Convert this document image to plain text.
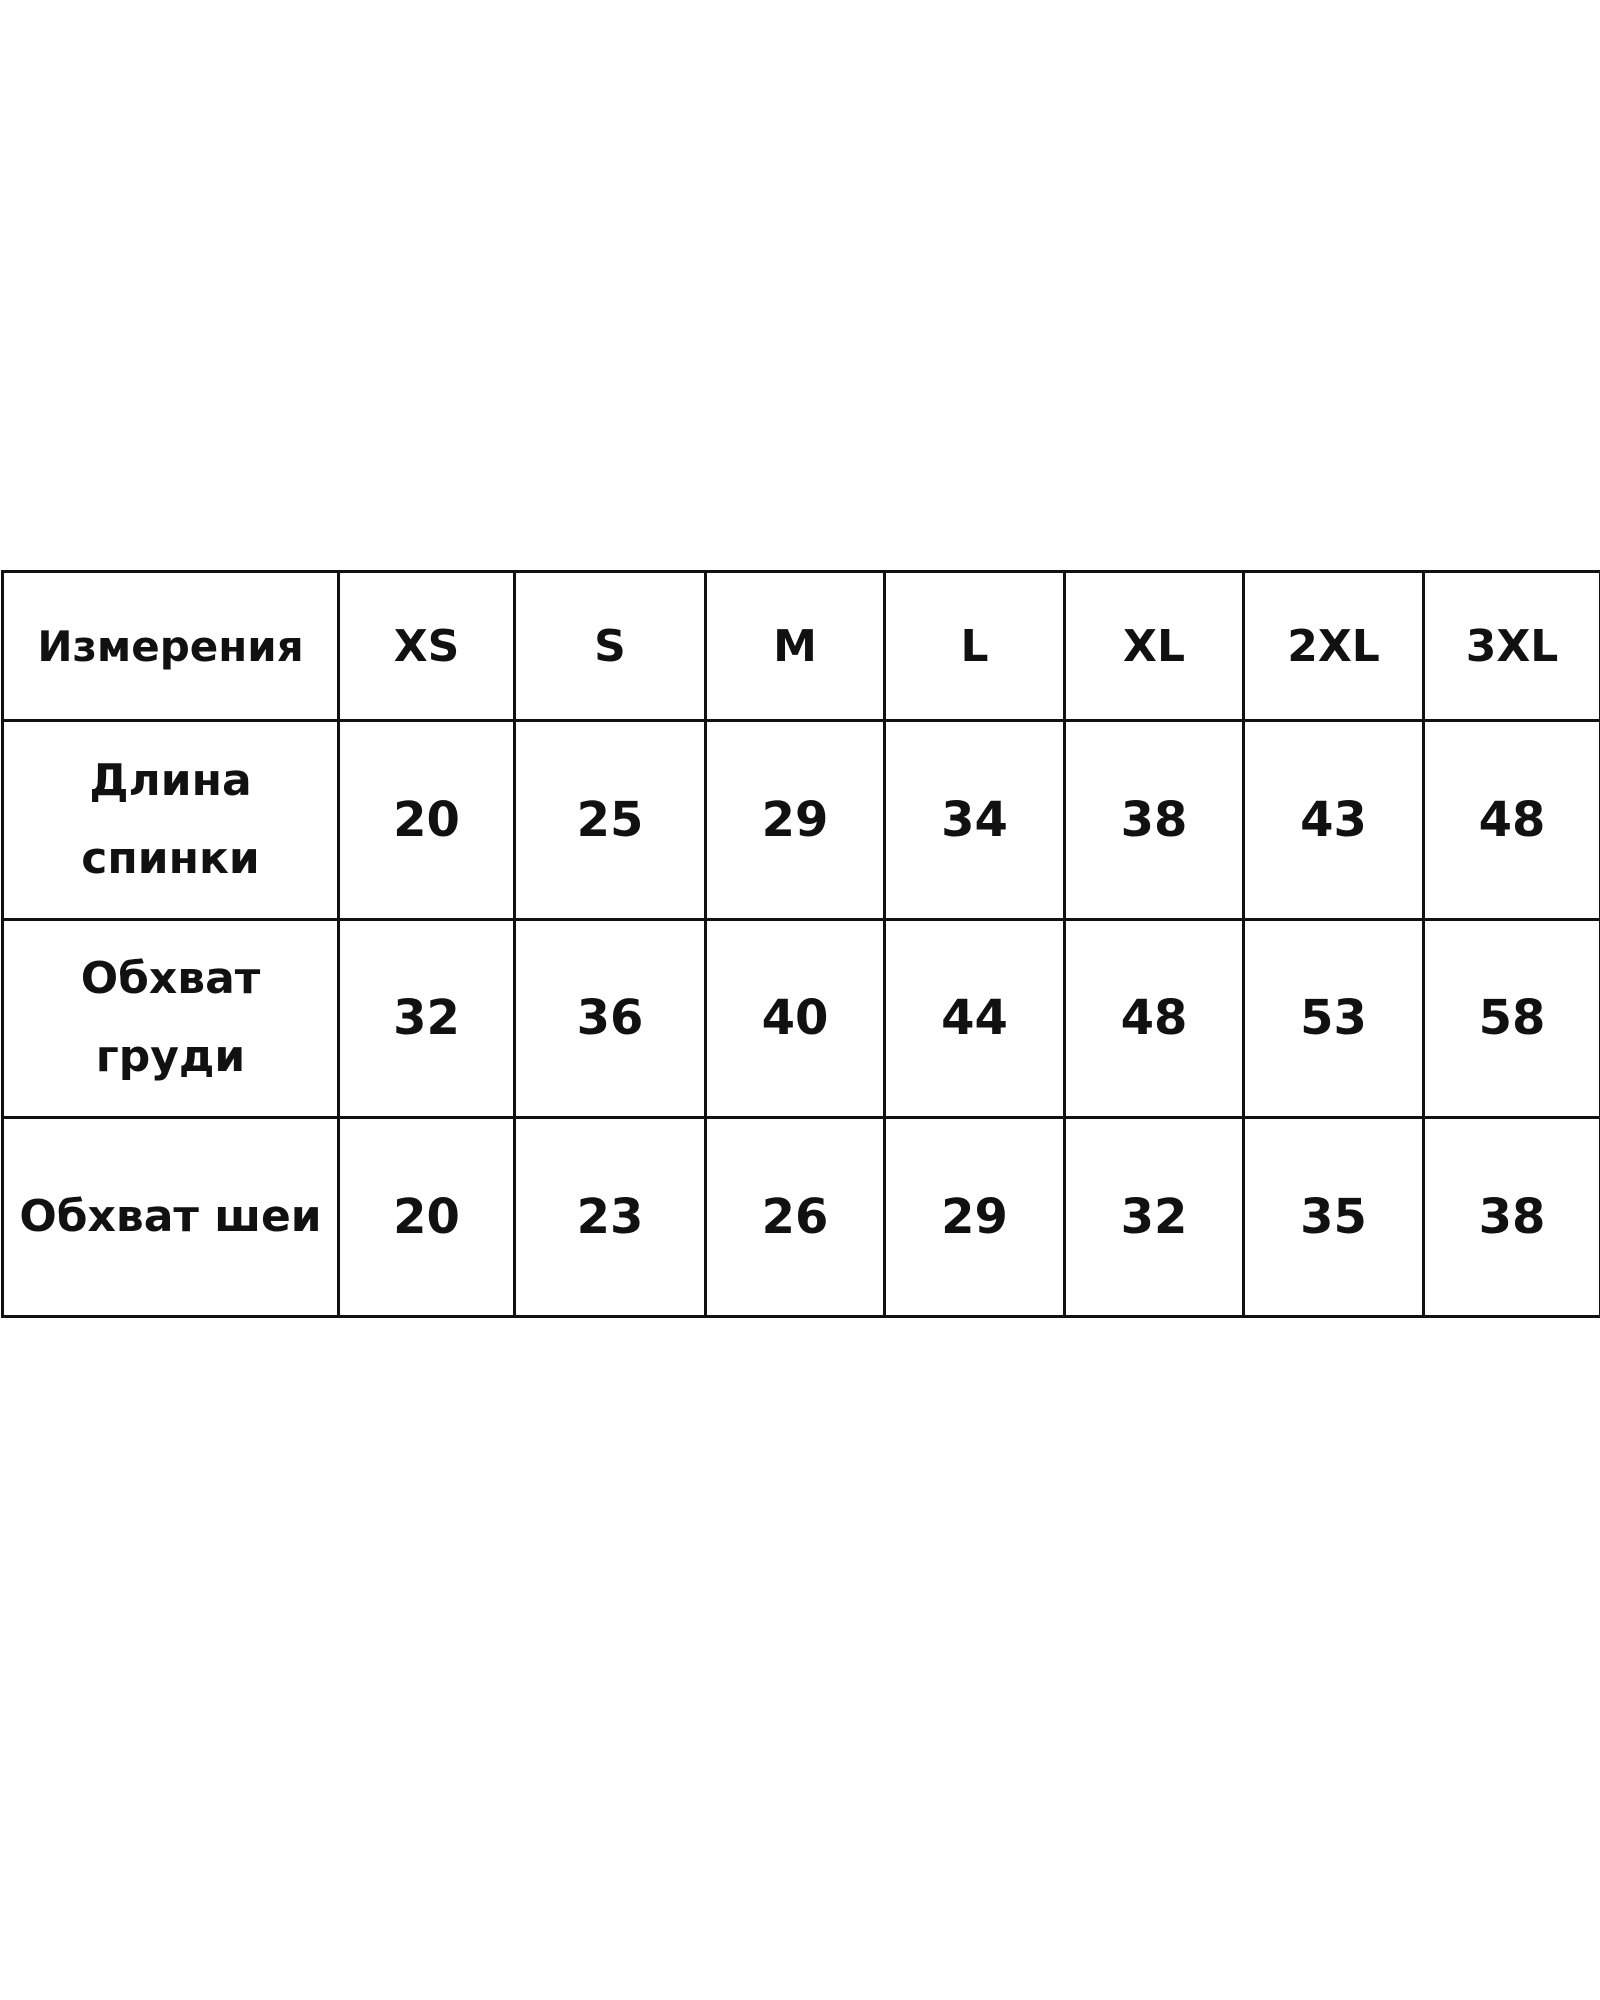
Измерения	XS	S	M	L	XL	2XL	3XL

Длина
спинки	20	25	29	34	38	43	48

Обхват
груди	32	36	40	44	48	53	58

Обхват шеи	20	23	26	29	32	35	38
